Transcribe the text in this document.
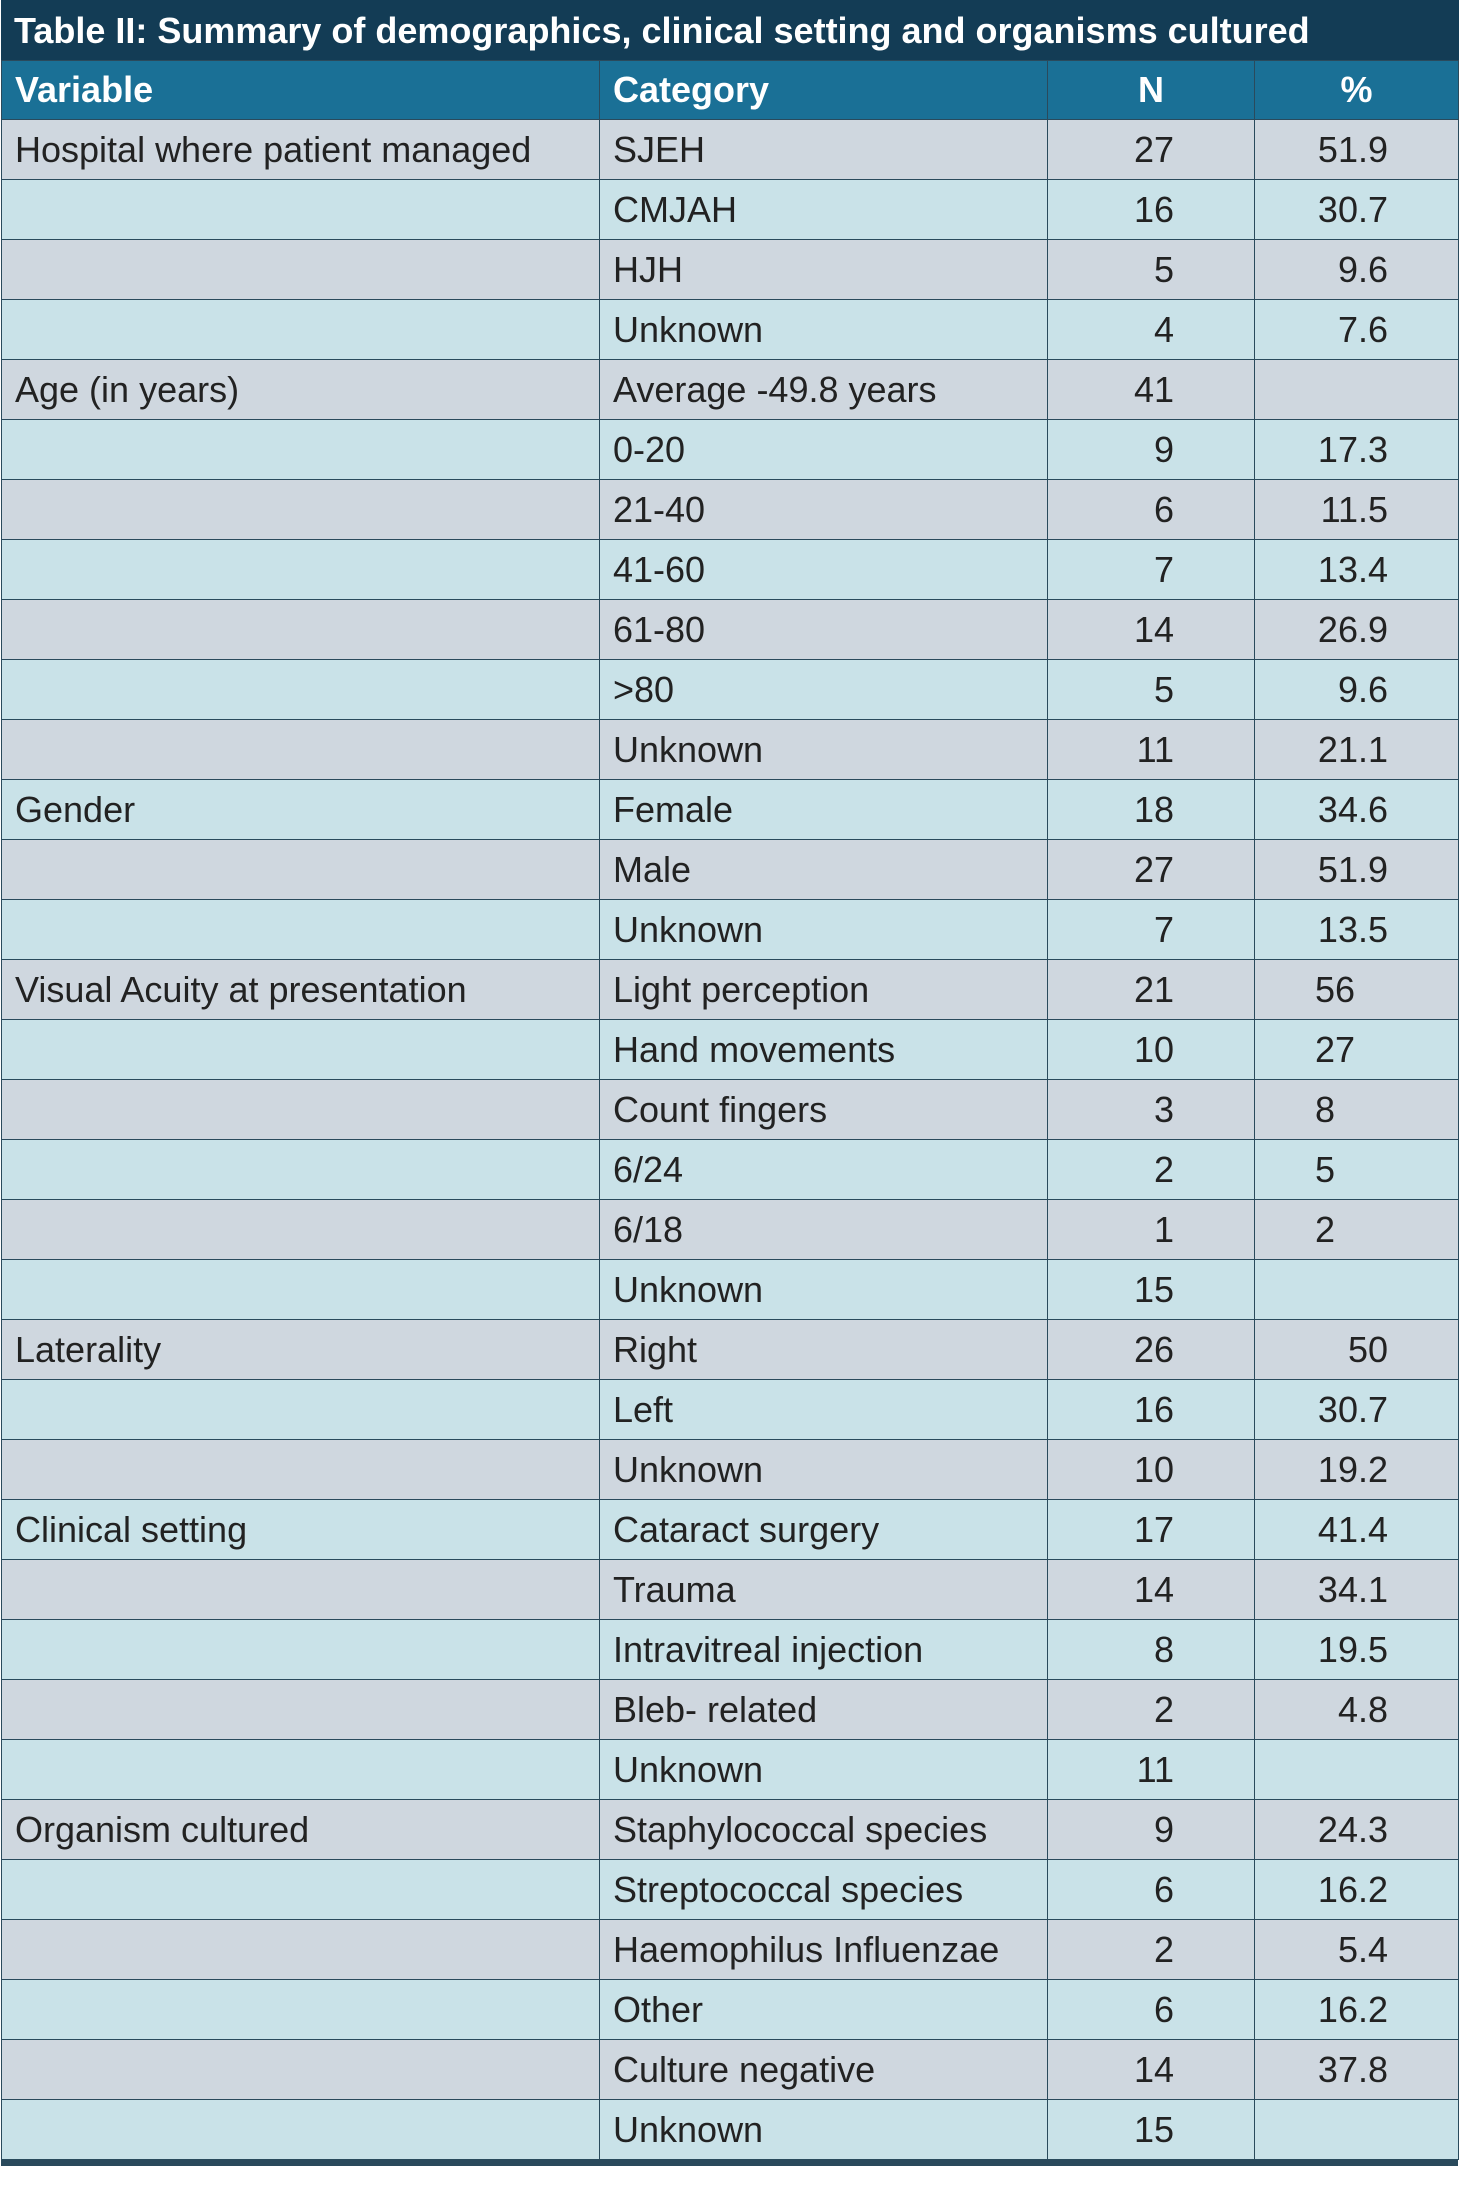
Table II: Summary of demographics, clinical setting and organisms cultured
Variable	Category	N	%
Hospital where patient managed	SJEH	27	51.9
	CMJAH	16	30.7
	HJH	5	9.6
	Unknown	4	7.6
Age (in years)	Average -49.8 years	41	
	0-20	9	17.3
	21-40	6	11.5
	41-60	7	13.4
	61-80	14	26.9
	>80	5	9.6
	Unknown	11	21.1
Gender	Female	18	34.6
	Male	27	51.9
	Unknown	7	13.5
Visual Acuity at presentation	Light perception	21	56
	Hand movements	10	27
	Count fingers	3	8
	6/24	2	5
	6/18	1	2
	Unknown	15	
Laterality	Right	26	50
	Left	16	30.7
	Unknown	10	19.2
Clinical setting	Cataract surgery	17	41.4
	Trauma	14	34.1
	Intravitreal injection	8	19.5
	Bleb- related	2	4.8
	Unknown	11	
Organism cultured	Staphylococcal species	9	24.3
	Streptococcal species	6	16.2
	Haemophilus Influenzae	2	5.4
	Other	6	16.2
	Culture negative	14	37.8
	Unknown	15	
